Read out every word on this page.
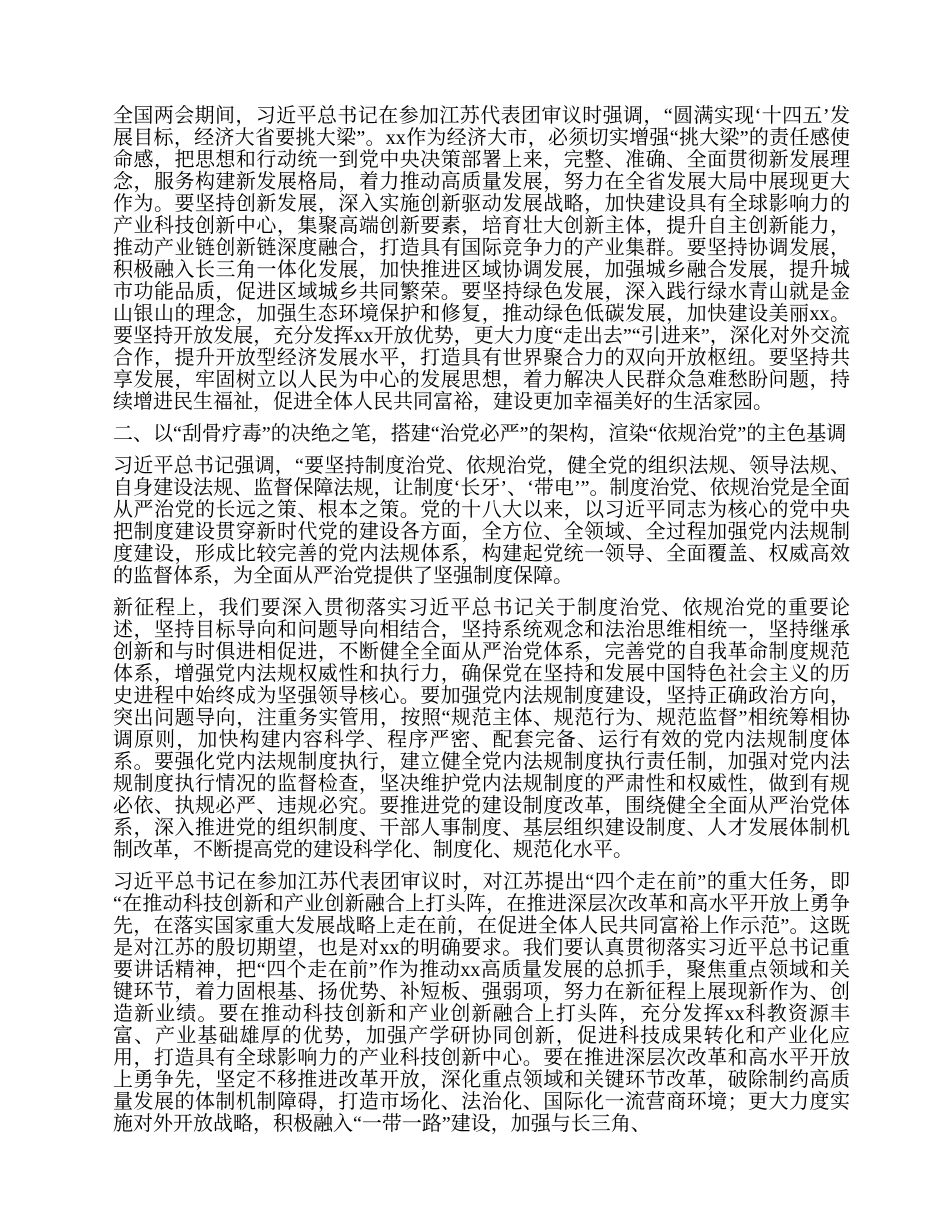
全国两会期间，习近平总书记在参加江苏代表团审议时强调，“圆满实现‘十四五’发展目标，经济大省要挑大梁”。xx作为经济大市，必须切实增强“挑大梁”的责任感使命感，把思想和行动统一到党中央决策部署上来，完整、准确、全面贯彻新发展理念，服务构建新发展格局，着力推动高质量发展，努力在全省发展大局中展现更大作为。要坚持创新发展，深入实施创新驱动发展战略，加快建设具有全球影响力的产业科技创新中心，集聚高端创新要素，培育壮大创新主体，提升自主创新能力，推动产业链创新链深度融合，打造具有国际竞争力的产业集群。要坚持协调发展，积极融入长三角一体化发展，加快推进区域协调发展，加强城乡融合发展，提升城市功能品质，促进区域城乡共同繁荣。要坚持绿色发展，深入践行绿水青山就是金山银山的理念，加强生态环境保护和修复，推动绿色低碳发展，加快建设美丽xx。要坚持开放发展，充分发挥xx开放优势，更大力度“走出去”“引进来”，深化对外交流合作，提升开放型经济发展水平，打造具有世界聚合力的双向开放枢纽。要坚持共享发展，牢固树立以人民为中心的发展思想，着力解决人民群众急难愁盼问题，持续增进民生福祉，促进全体人民共同富裕，建设更加幸福美好的生活家园。

二、以“刮骨疗毒”的决绝之笔，搭建“治党必严”的架构，渲染“依规治党”的主色基调

习近平总书记强调，“要坚持制度治党、依规治党，健全党的组织法规、领导法规、自身建设法规、监督保障法规，让制度‘长牙’、‘带电’”。制度治党、依规治党是全面从严治党的长远之策、根本之策。党的十八大以来，以习近平同志为核心的党中央把制度建设贯穿新时代党的建设各方面，全方位、全领域、全过程加强党内法规制度建设，形成比较完善的党内法规体系，构建起党统一领导、全面覆盖、权威高效的监督体系，为全面从严治党提供了坚强制度保障。

新征程上，我们要深入贯彻落实习近平总书记关于制度治党、依规治党的重要论述，坚持目标导向和问题导向相结合，坚持系统观念和法治思维相统一，坚持继承创新和与时俱进相促进，不断健全全面从严治党体系，完善党的自我革命制度规范体系，增强党内法规权威性和执行力，确保党在坚持和发展中国特色社会主义的历史进程中始终成为坚强领导核心。要加强党内法规制度建设，坚持正确政治方向，突出问题导向，注重务实管用，按照“规范主体、规范行为、规范监督”相统筹相协调原则，加快构建内容科学、程序严密、配套完备、运行有效的党内法规制度体系。要强化党内法规制度执行，建立健全党内法规制度执行责任制，加强对党内法规制度执行情况的监督检查，坚决维护党内法规制度的严肃性和权威性，做到有规必依、执规必严、违规必究。要推进党的建设制度改革，围绕健全全面从严治党体系，深入推进党的组织制度、干部人事制度、基层组织建设制度、人才发展体制机制改革，不断提高党的建设科学化、制度化、规范化水平。

习近平总书记在参加江苏代表团审议时，对江苏提出“四个走在前”的重大任务，即“在推动科技创新和产业创新融合上打头阵，在推进深层次改革和高水平开放上勇争先，在落实国家重大发展战略上走在前，在促进全体人民共同富裕上作示范”。这既是对江苏的殷切期望，也是对xx的明确要求。我们要认真贯彻落实习近平总书记重要讲话精神，把“四个走在前”作为推动xx高质量发展的总抓手，聚焦重点领域和关键环节，着力固根基、扬优势、补短板、强弱项，努力在新征程上展现新作为、创造新业绩。要在推动科技创新和产业创新融合上打头阵，充分发挥xx科教资源丰富、产业基础雄厚的优势，加强产学研协同创新，促进科技成果转化和产业化应用，打造具有全球影响力的产业科技创新中心。要在推进深层次改革和高水平开放上勇争先，坚定不移推进改革开放，深化重点领域和关键环节改革，破除制约高质量发展的体制机制障碍，打造市场化、法治化、国际化一流营商环境；更大力度实施对外开放战略，积极融入“一带一路”建设，加强与长三角、
